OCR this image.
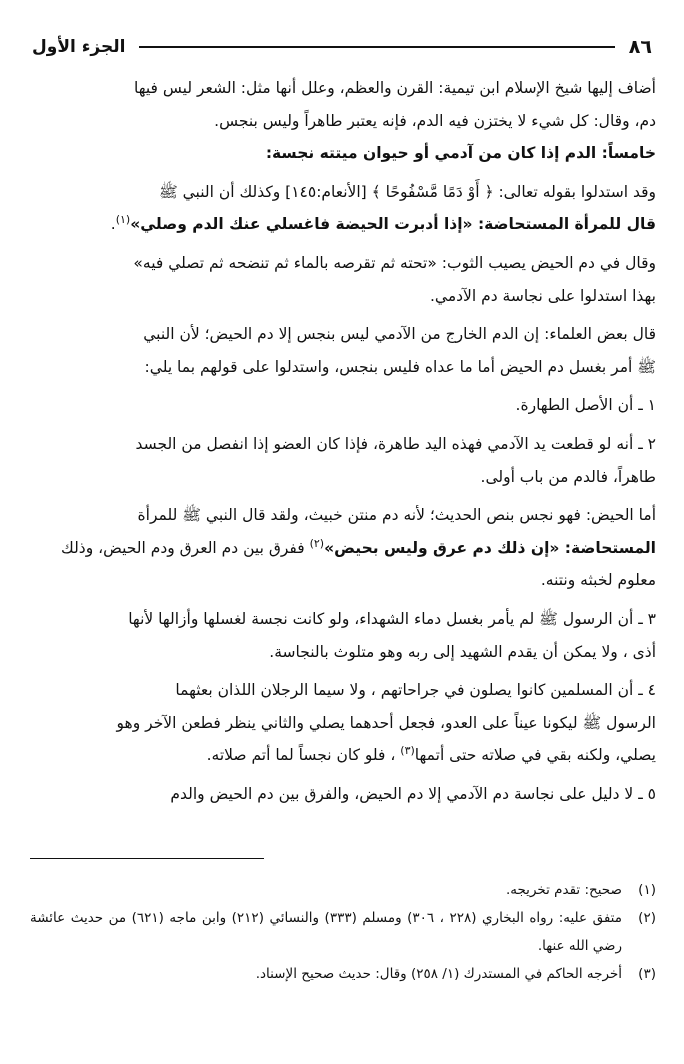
٨٦
الجزء الأول

أضاف إليها شيخ الإسلام ابن تيمية: القرن والعظم، وعلل أنها مثل: الشعر ليس فيها

دم، وقال: كل شيء لا يختزن فيه الدم، فإنه يعتبر طاهراً وليس بنجس.

خامساً: الدم إذا كان من آدمي أو حيوان ميتته نجسة:

وقد استدلوا بقوله تعالى: ﴿ أَوْ دَمًا مَّسْفُوحًا ﴾ [الأنعام:١٤٥] وكذلك أن النبي ﷺ

قال للمرأة المستحاضة: «إذا أدبرت الحيضة فاغسلي عنك الدم وصلي»$^{(١)}$.

وقال في دم الحيض يصيب الثوب: «تحته ثم تقرصه بالماء ثم تنضحه ثم تصلي فيه»

بهذا استدلوا على نجاسة دم الآدمي.

قال بعض العلماء: إن الدم الخارج من الآدمي ليس بنجس إلا دم الحيض؛ لأن النبي

ﷺ أمر بغسل دم الحيض أما ما عداه فليس بنجس، واستدلوا على قولهم بما يلي:

١ ـ أن الأصل الطهارة.

٢ ـ أنه لو قطعت يد الآدمي فهذه اليد طاهرة، فإذا كان العضو إذا انفصل من الجسد

طاهراً، فالدم من باب أولى.

أما الحيض: فهو نجس بنص الحديث؛ لأنه دم منتن خبيث، ولقد قال النبي ﷺ للمرأة

المستحاضة: «إن ذلك دم عرق وليس بحيض»$^{(٢)}$ ففرق بين دم العرق ودم الحيض، وذلك

معلوم لخبثه ونتنه.

٣ ـ أن الرسول ﷺ لم يأمر بغسل دماء الشهداء، ولو كانت نجسة لغسلها وأزالها لأنها

أذى ، ولا يمكن أن يقدم الشهيد إلى ربه وهو متلوث بالنجاسة.

٤ ـ أن المسلمين كانوا يصلون في جراحاتهم ، ولا سيما الرجلان اللذان بعثهما

الرسول ﷺ ليكونا عيناً على العدو، فجعل أحدهما يصلي والثاني ينظر فطعن الآخر وهو

يصلي، ولكنه بقي في صلاته حتى أتمها$^{(٣)}$ ، فلو كان نجساً لما أتم صلاته.

٥ ـ لا دليل على نجاسة دم الآدمي إلا دم الحيض، والفرق بين دم الحيض والدم

(١)
صحيح: تقدم تخريجه.
(٢)
متفق عليه: رواه البخاري (٢٢٨ ، ٣٠٦) ومسلم (٣٣٣) والنسائي (٢١٢) وابن ماجه (٦٢١) من حديث عائشة رضي الله عنها.
(٣)
أخرجه الحاكم في المستدرك (١/ ٢٥٨) وقال: حديث صحيح الإسناد.
